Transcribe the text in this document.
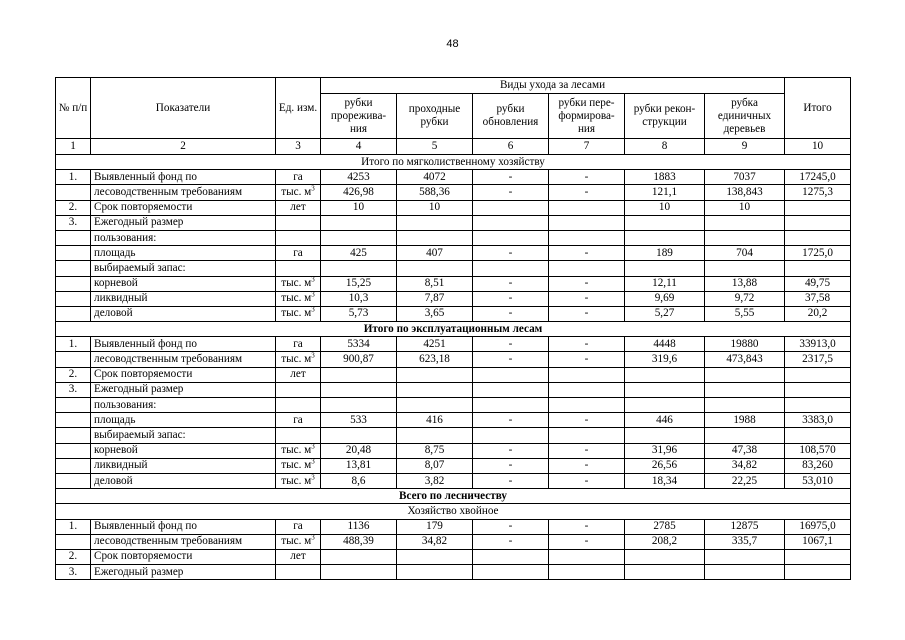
48
№ п/п	Показатели	Ед. изм.	Виды ухода за лесами						Итого
			рубки прорежива-ния	проходные рубки	рубки обновления	рубки пере-формирова-ния	рубки рекон-струкции	рубка единичных деревьев	
1	2	3	4	5	6	7	8	9	10
Итого по мягколиственному хозяйству									
1.	Выявленный фонд по	га	4253	4072	-	-	1883	7037	17245,0
	лесоводственным требованиям	тыс. $м^3$	426,98	588,36	-	-	121,1	138,843	1275,3
2.	Срок повторяемости	лет	10	10			10	10	
3.	Ежегодный размер								
	пользования:								
	площадь	га	425	407	-	-	189	704	1725,0
	выбираемый запас:								
	корневой	тыс. $м^3$	15,25	8,51	-	-	12,11	13,88	49,75
	ликвидный	тыс. $м^3$	10,3	7,87	-	-	9,69	9,72	37,58
	деловой	тыс. $м^3$	5,73	3,65	-	-	5,27	5,55	20,2
Итого по эксплуатационным лесам									
1.	Выявленный фонд по	га	5334	4251	-	-	4448	19880	33913,0
	лесоводственным требованиям	тыс. $м^3$	900,87	623,18	-	-	319,6	473,843	2317,5
2.	Срок повторяемости	лет							
3.	Ежегодный размер								
	пользования:								
	площадь	га	533	416	-	-	446	1988	3383,0
	выбираемый запас:								
	корневой	тыс. $м^3$	20,48	8,75	-	-	31,96	47,38	108,570
	ликвидный	тыс. $м^3$	13,81	8,07	-	-	26,56	34,82	83,260
	деловой	тыс. $м^3$	8,6	3,82	-	-	18,34	22,25	53,010
Всего по лесничеству									
Хозяйство хвойное									
1.	Выявленный фонд по	га	1136	179	-	-	2785	12875	16975,0
	лесоводственным требованиям	тыс. $м^3$	488,39	34,82	-	-	208,2	335,7	1067,1
2.	Срок повторяемости	лет							
3.	Ежегодный размер								
